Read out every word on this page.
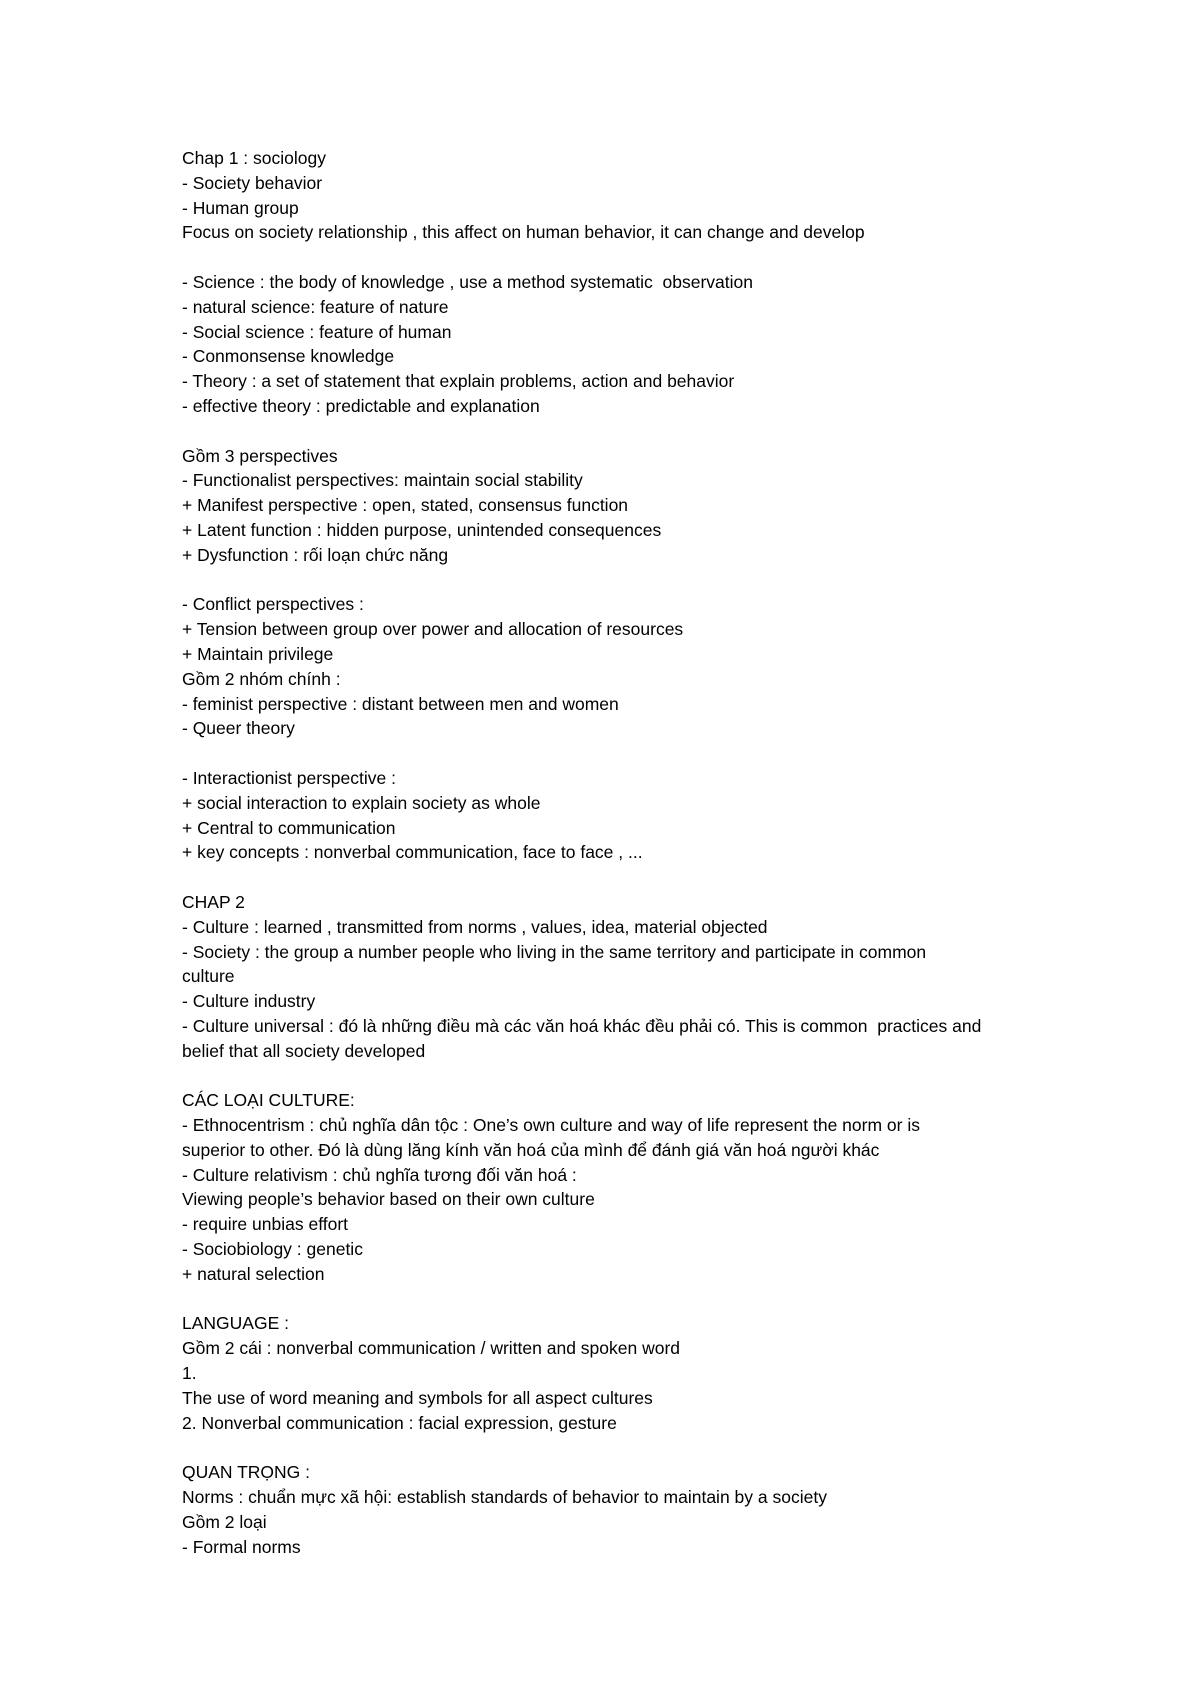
Chap 1 : sociology

- Society behavior

- Human group

Focus on society relationship , this affect on human behavior, it can change and develop

- Science : the body of knowledge , use a method systematic  observation

- natural science: feature of nature

- Social science : feature of human

- Conmonsense knowledge

- Theory : a set of statement that explain problems, action and behavior

- effective theory : predictable and explanation

Gồm 3 perspectives

- Functionalist perspectives: maintain social stability

+ Manifest perspective : open, stated, consensus function

+ Latent function : hidden purpose, unintended consequences

+ Dysfunction : rối loạn chức năng

- Conflict perspectives :

+ Tension between group over power and allocation of resources

+ Maintain privilege

Gồm 2 nhóm chính :

- feminist perspective : distant between men and women

- Queer theory

- Interactionist perspective :

+ social interaction to explain society as whole

+ Central to communication

+ key concepts : nonverbal communication, face to face , ...

CHAP 2

- Culture : learned , transmitted from norms , values, idea, material objected

- Society : the group a number people who living in the same territory and participate in common

culture

- Culture industry

- Culture universal : đó là những điều mà các văn hoá khác đều phải có. This is common  practices and

belief that all society developed

CÁC LOẠI CULTURE:

- Ethnocentrism : chủ nghĩa dân tộc : One’s own culture and way of life represent the norm or is

superior to other. Đó là dùng lăng kính văn hoá của mình để đánh giá văn hoá người khác

- Culture relativism : chủ nghĩa tương đối văn hoá :

Viewing people’s behavior based on their own culture

- require unbias effort

- Sociobiology : genetic

+ natural selection

LANGUAGE :

Gồm 2 cái : nonverbal communication / written and spoken word

1.

The use of word meaning and symbols for all aspect cultures

2. Nonverbal communication : facial expression, gesture

QUAN TRỌNG :

Norms : chuẩn mực xã hội: establish standards of behavior to maintain by a society

Gồm 2 loại

- Formal norms
